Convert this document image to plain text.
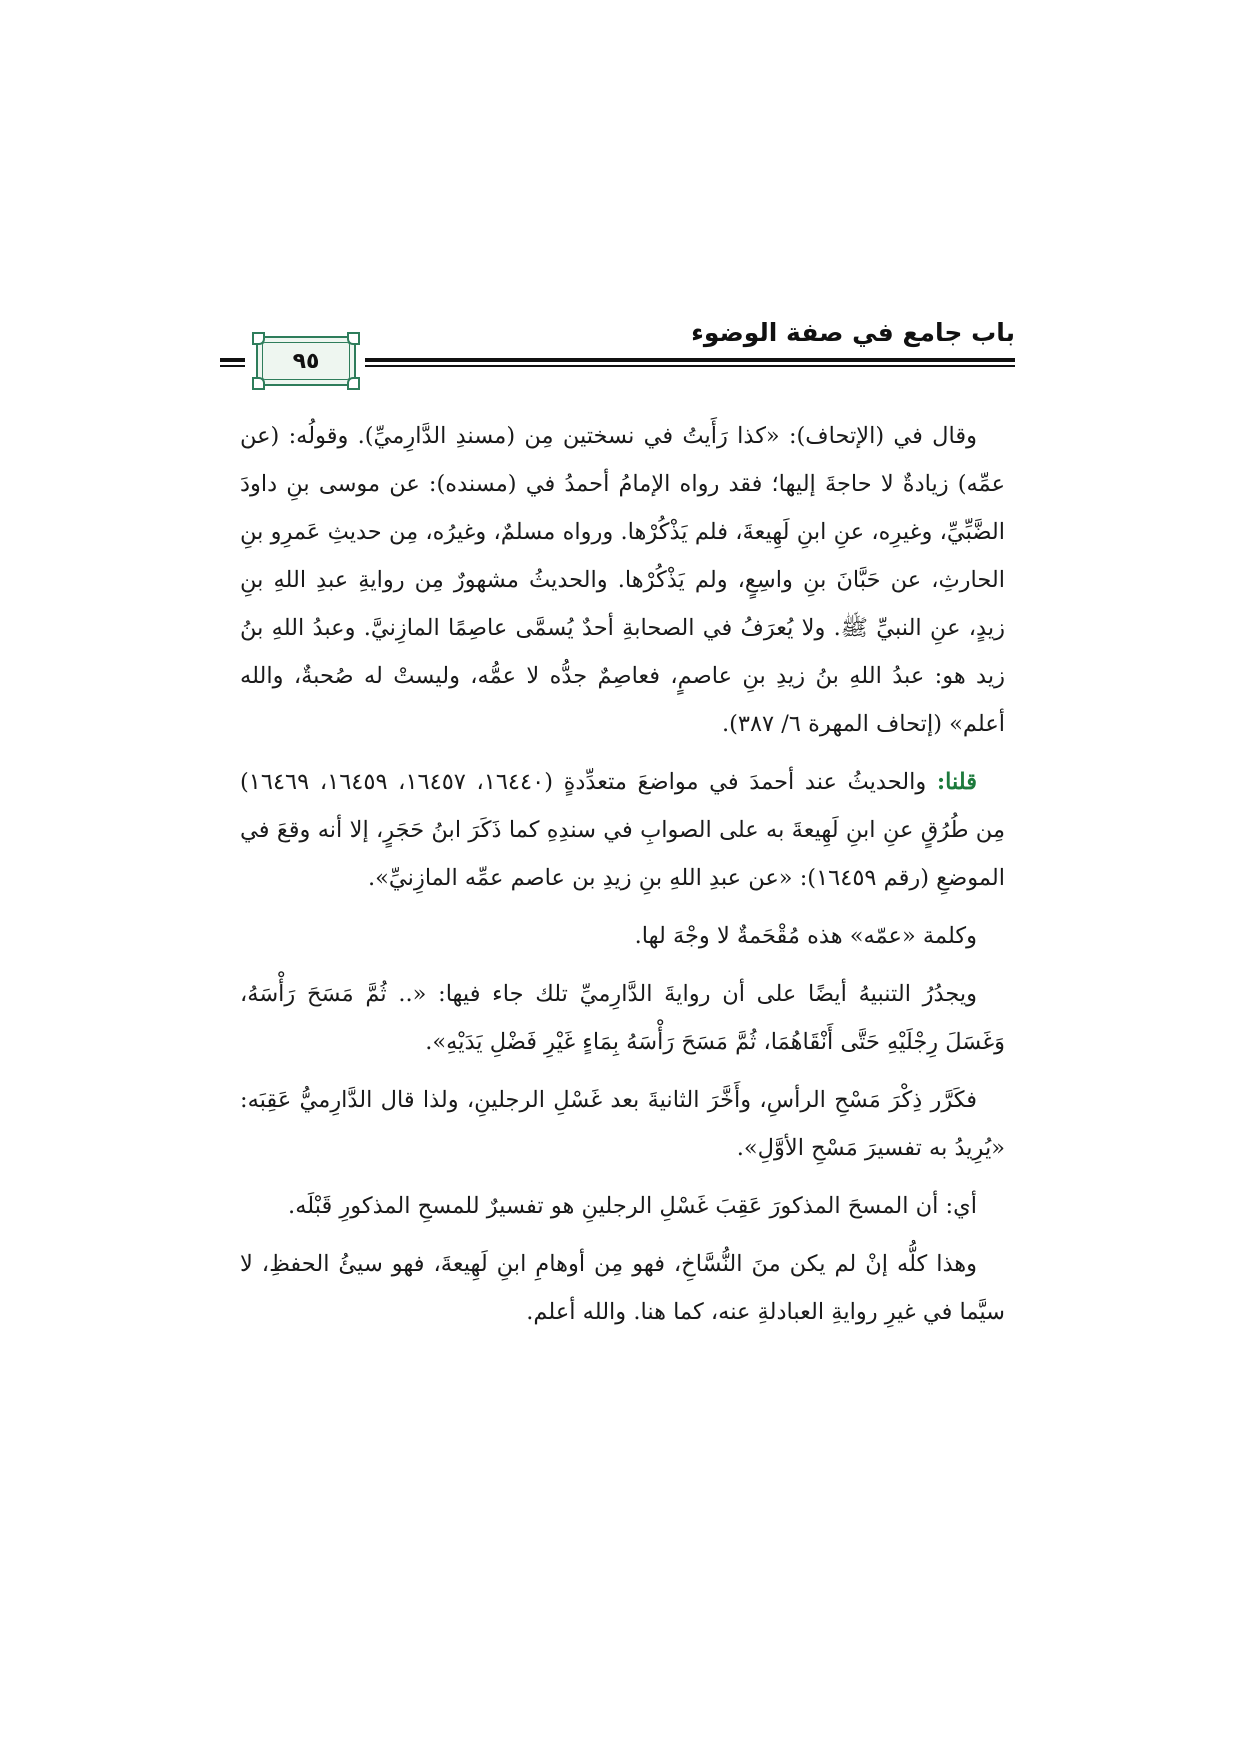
باب جامع في صفة الوضوء
٩٥

وقال في (الإتحاف): «كذا رَأَيتُ في نسختين مِن (مسندِ الدَّارِميِّ). وقولُه: (عن عمِّه) زيادةٌ لا حاجةَ إليها؛ فقد رواه الإمامُ أحمدُ في (مسنده): عن موسى بنِ داودَ الضَّبِّيِّ، وغيرِه، عنِ ابنِ لَهِيعةَ، فلم يَذْكُرْها. ورواه مسلمٌ، وغيرُه، مِن حديثِ عَمرِو بنِ الحارثِ، عن حَبَّانَ بنِ واسِعٍ، ولم يَذْكُرْها. والحديثُ مشهورٌ مِن روايةِ عبدِ اللهِ بنِ زيدٍ، عنِ النبيِّ ﷺ. ولا يُعرَفُ في الصحابةِ أحدٌ يُسمَّى عاصِمًا المازِنيَّ. وعبدُ اللهِ بنُ زيد هو: عبدُ اللهِ بنُ زيدِ بنِ عاصمٍ، فعاصِمٌ جدُّه لا عمُّه، وليستْ له صُحبةٌ، والله أعلم» (إتحاف المهرة ٦/ ٣٨٧).

قلنا: والحديثُ عند أحمدَ في مواضعَ متعدِّدةٍ (١٦٤٤٠، ١٦٤٥٧، ١٦٤٥٩، ١٦٤٦٩) مِن طُرُقٍ عنِ ابنِ لَهِيعةَ به على الصوابِ في سندِهِ كما ذَكَرَ ابنُ حَجَرٍ، إلا أنه وقعَ في الموضعِ (رقم ١٦٤٥٩): «عن عبدِ اللهِ بنِ زيدِ بن عاصم عمِّه المازِنيِّ».

وكلمة «عمّه» هذه مُقْحَمةٌ لا وجْهَ لها.

ويجدُرُ التنبيهُ أيضًا على أن روايةَ الدَّارِميِّ تلك جاء فيها: «.. ثُمَّ مَسَحَ رَأْسَهُ، وَغَسَلَ رِجْلَيْهِ حَتَّى أَنْقَاهُمَا، ثُمَّ مَسَحَ رَأْسَهُ بِمَاءٍ غَيْرِ فَضْلِ يَدَيْهِ».

فكَرَّر ذِكْرَ مَسْحِ الرأسِ، وأَخَّرَ الثانيةَ بعد غَسْلِ الرجلينِ، ولذا قال الدَّارِميُّ عَقِبَه: «يُرِيدُ به تفسيرَ مَسْحِ الأوَّلِ».

أي: أن المسحَ المذكورَ عَقِبَ غَسْلِ الرجلينِ هو تفسيرٌ للمسحِ المذكورِ قَبْلَه.

وهذا كلُّه إنْ لم يكن منَ النُّسَّاخِ، فهو مِن أوهامِ ابنِ لَهِيعةَ، فهو سيئُ الحفظِ، لا سيَّما في غيرِ روايةِ العبادلةِ عنه، كما هنا. والله أعلم.
